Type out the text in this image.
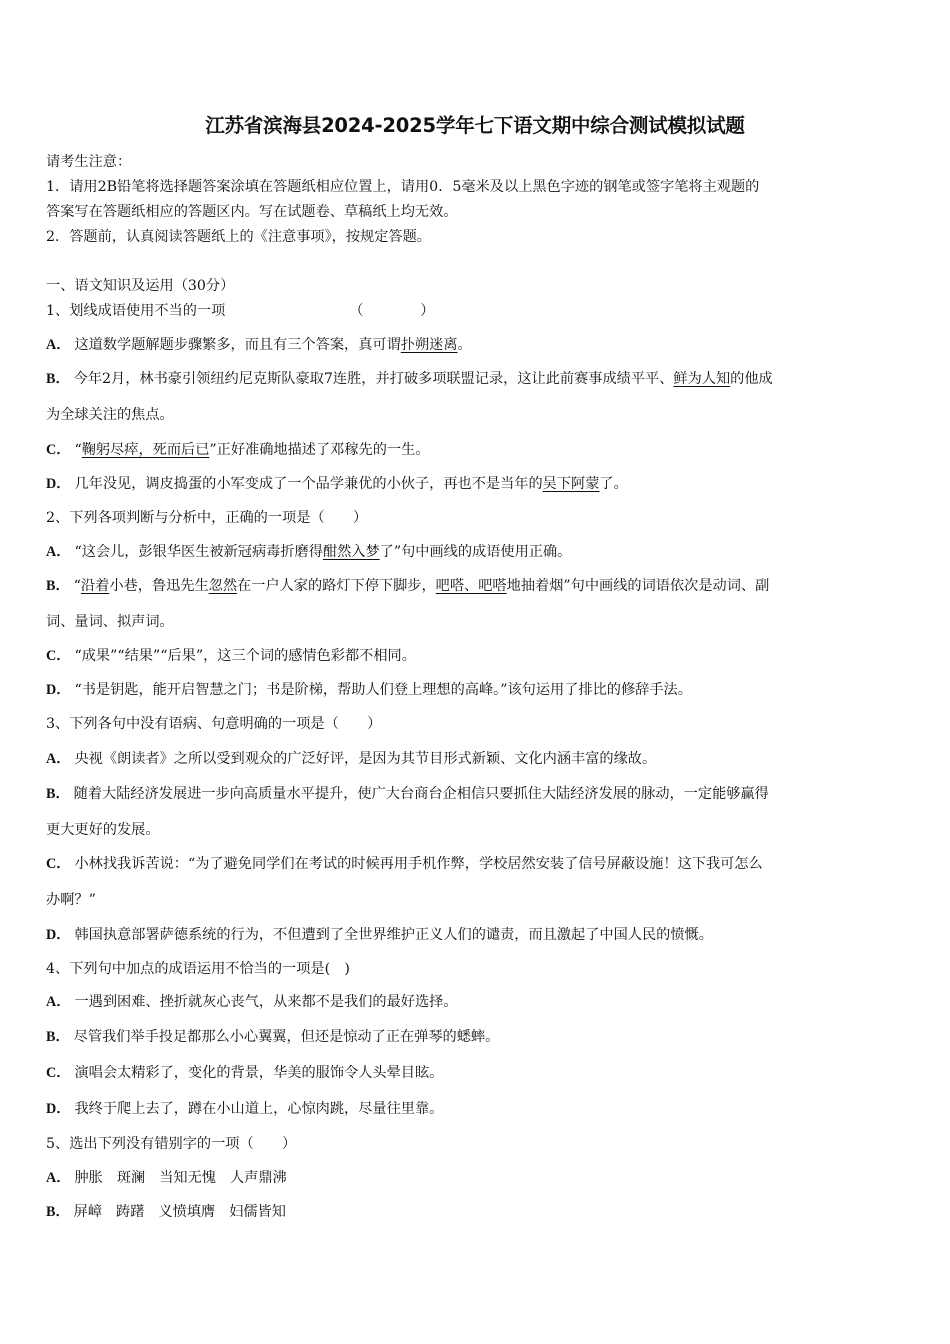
江苏省滨海县2024-2025学年七下语文期中综合测试模拟试题
请考生注意：
1．请用2B铅笔将选择题答案涂填在答题纸相应位置上，请用0．5毫米及以上黑色字迹的钢笔或签字笔将主观题的
答案写在答题纸相应的答题区内。写在试题卷、草稿纸上均无效。
2．答题前，认真阅读答题纸上的《注意事项》，按规定答题。
一、语文知识及运用（30分）
1、划线成语使用不当的一项	（　　　　）
A． 这道数学题解题步骤繁多，而且有三个答案，真可谓扑朔迷离。
B． 今年2月，林书豪引领纽约尼克斯队豪取7连胜，并打破多项联盟记录，这让此前赛事成绩平平、鲜为人知的他成
为全球关注的焦点。
C． “鞠躬尽瘁，死而后已”正好准确地描述了邓稼先的一生。
D． 几年没见，调皮捣蛋的小军变成了一个品学兼优的小伙子，再也不是当年的吴下阿蒙了。
2、下列各项判断与分析中，正确的一项是（　　）
A． “这会儿，彭银华医生被新冠病毒折磨得酣然入梦了”句中画线的成语使用正确。
B． “沿着小巷，鲁迅先生忽然在一户人家的路灯下停下脚步，吧嗒、吧嗒地抽着烟”句中画线的词语依次是动词、副
词、量词、拟声词。
C． “成果”“结果”“后果”，这三个词的感情色彩都不相同。
D． “书是钥匙，能开启智慧之门；书是阶梯，帮助人们登上理想的高峰。”该句运用了排比的修辞手法。
3、下列各句中没有语病、句意明确的一项是（　　）
A． 央视《朗读者》之所以受到观众的广泛好评，是因为其节目形式新颖、文化内涵丰富的缘故。
B． 随着大陆经济发展进一步向高质量水平提升，使广大台商台企相信只要抓住大陆经济发展的脉动，一定能够赢得
更大更好的发展。
C． 小林找我诉苦说：“为了避免同学们在考试的时候再用手机作弊，学校居然安装了信号屏蔽设施！这下我可怎么
办啊？”
D． 韩国执意部署萨德系统的行为，不但遭到了全世界维护正义人们的谴责，而且激起了中国人民的愤慨。
4、下列句中加点的成语运用不恰当的一项是(　)
A． 一遇到困难、挫折就灰心丧气，从来都不是我们的最好选择。
B． 尽管我们举手投足都那么小心翼翼，但还是惊动了正在弹琴的蟋蟀。
C． 演唱会太精彩了，变化的背景，华美的服饰令人头晕目眩。
D． 我终于爬上去了，蹲在小山道上，心惊肉跳，尽量往里靠。
5、选出下列没有错别字的一项（　　）
A． 肿胀 斑澜 当知无愧 人声鼎沸
B． 屏嶂 踌躇 义愤填膺 妇儒皆知
